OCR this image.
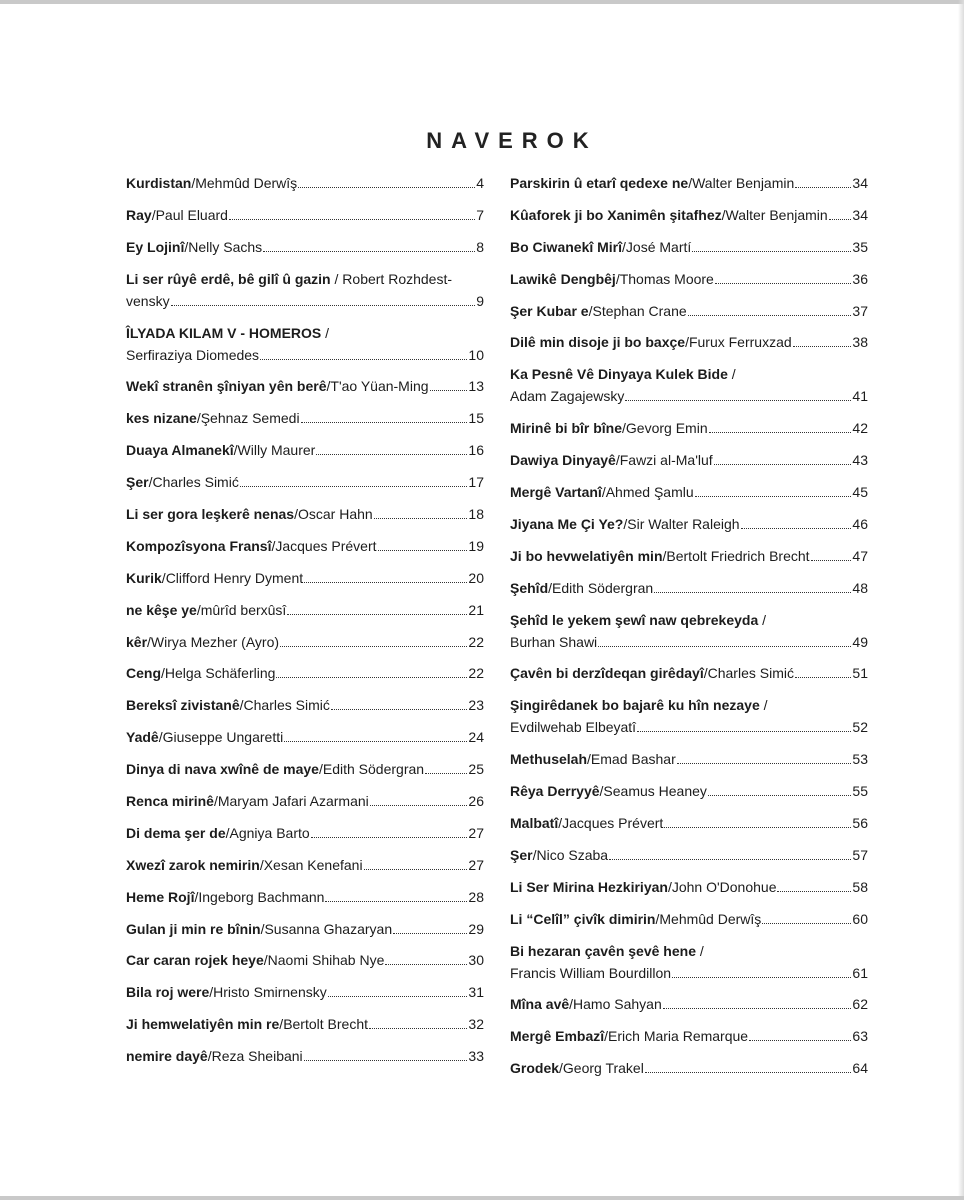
NAVEROK
Kurdistan / Mehmûd Derwîş	4
Ray / Paul Eluard	7
Ey Lojinî / Nelly Sachs	8
Li ser rûyê erdê, bê gilî û gazin / Robert Rozhdest-
vensky	9
ÎLYADA KILAM V - HOMEROS /
Serfiraziya Diomedes	10
Wekî stranên şîniyan yên berê / T'ao Yüan-Ming	13
kes nizane / Şehnaz Semedi	15
Duaya Almanekî / Willy Maurer	16
Şer / Charles Simić	17
Li ser gora leşkerê nenas / Oscar Hahn	18
Kompozîsyona Fransî / Jacques Prévert	19
Kurik / Clifford Henry Dyment	20
ne kêşe ye / mûrîd berxûsî	21
kêr / Wirya Mezher (Ayro)	22
Ceng / Helga Schäferling	22
Bereksî zivistanê / Charles Simić	23
Yadê / Giuseppe Ungaretti	24
Dinya di nava xwînê de maye / Edith Södergran	25
Renca mirinê / Maryam Jafari Azarmani	26
Di dema şer de / Agniya Barto	27
Xwezî zarok nemirin / Xesan Kenefani	27
Heme Rojî / Ingeborg Bachmann	28
Gulan ji min re bînin / Susanna Ghazaryan	29
Car caran rojek heye / Naomi Shihab Nye	30
Bila roj were / Hristo Smirnensky	31
Ji hemwelatiyên min re / Bertolt Brecht	32
nemire dayê / Reza Sheibani	33
Parskirin û etarî qedexe ne / Walter Benjamin	34
Kûaforek ji bo Xanimên şitafhez / Walter Benjamin 34
Bo Ciwanekî Mirî / José Martí	35
Lawikê Dengbêj / Thomas Moore	36
Şer Kubar e / Stephan Crane	37
Dilê min disoje ji bo baxçe / Furux Ferruxzad	38
Ka Pesnê Vê Dinyaya Kulek Bide /
Adam Zagajewsky	41
Mirinê bi bîr bîne / Gevorg Emin	42
Dawiya Dinyayê / Fawzi al-Ma'luf	43
Mergê Vartanî / Ahmed Şamlu	45
Jiyana Me Çi Ye? / Sir Walter Raleigh	46
Ji bo hevwelatiyên min / Bertolt Friedrich Brecht	47
Şehîd / Edith Södergran	48
Şehîd le yekem şewî naw qebrekeyda /
Burhan Shawi	49
Çavên bi derzîdeqan girêdayî / Charles Simić	51
Şingirêdanek bo bajarê ku hîn nezaye /
Evdilwehab Elbeyatî	52
Methuselah / Emad Bashar	53
Rêya Derryyê / Seamus Heaney	55
Malbatî / Jacques Prévert	56
Şer / Nico Szaba	57
Li Ser Mirina Hezkiriyan / John O'Donohue	58
Li “Celîl” çivîk dimirin / Mehmûd Derwîş	60
Bi hezaran çavên şevê hene /
Francis William Bourdillon	61
Mîna avê / Hamo Sahyan	62
Mergê Embazî / Erich Maria Remarque	63
Grodek / Georg Trakel	64
